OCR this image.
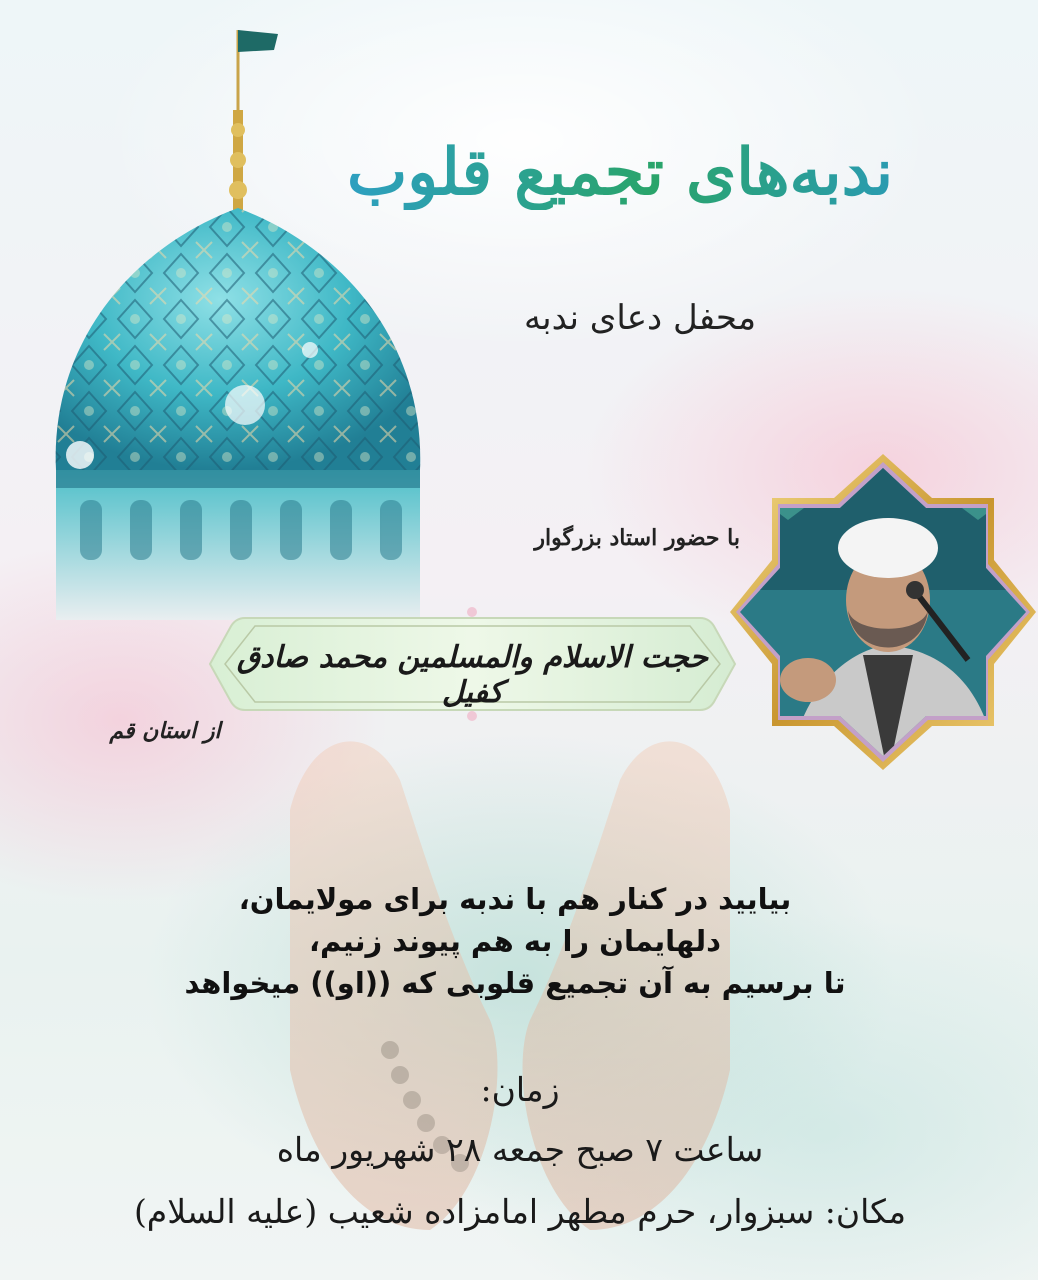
ندبه‌های تجمیع قلوب
محفل دعای ندبه
با حضور استاد بزرگوار
حجت الاسلام والمسلمین محمد صادق کفیل
از استان قم
بیایید در کنار هم با ندبه برای مولایمان،
دلهایمان را به هم پیوند زنیم،
تا برسیم به آن تجمیع قلوبی که ((او)) میخواهد
زمان:
ساعت ۷ صبح جمعه ۲۸ شهریور ماه
مکان: سبزوار، حرم مطهر امامزاده شعیب (علیه السلام)
